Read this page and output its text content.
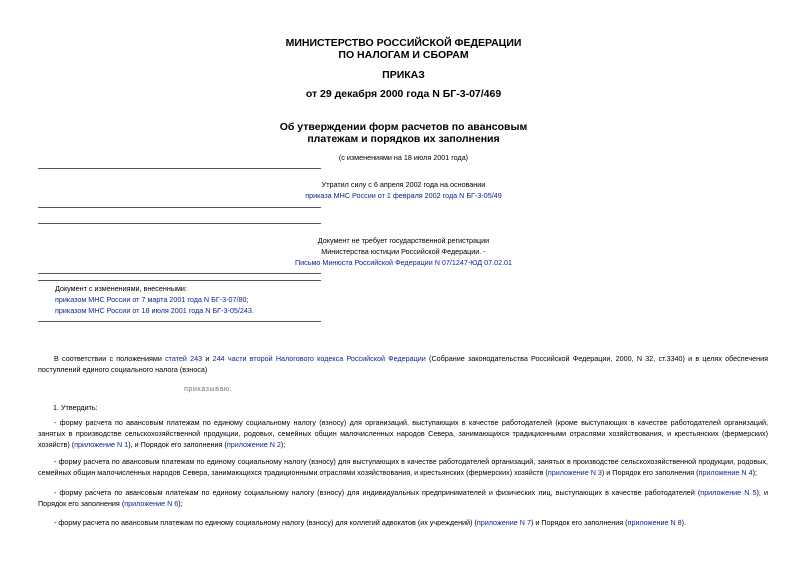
МИНИСТЕРСТВО РОССИЙСКОЙ ФЕДЕРАЦИИ
ПО НАЛОГАМ И СБОРАМ
ПРИКАЗ
от 29 декабря 2000 года N БГ-3-07/469
Об утверждении форм расчетов по авансовым
платежам и порядков их заполнения
(с изменениями на 18 июля 2001 года)
Утратил силу с 6 апреля 2002 года на основании
приказа МНС России от 1 февраля 2002 года N БГ-3-05/49
Документ не требует государственной регистрации
Министерства юстиции Российской Федерации. -
Письмо Минюста Российской Федерации N 07/1247-ЮД 07.02.01
Документ с изменениями, внесенными:
приказом МНС России от 7 марта 2001 года N БГ-3-07/80;
приказом МНС России от 18 июля 2001 года N БГ-3-05/243.
В соответствии с положениями статей 243 и 244 части второй Налогового кодекса Российской Федерации (Собрание законодательства Российской Федерации, 2000, N 32, ст.3340) и в целях обеспечения поступлений единого социального налога (взноса)
приказываю:
1. Утвердить:
- форму расчета по авансовым платежам по единому социальному налогу (взносу) для организаций, выступающих в качестве работодателей (кроме выступающих в качестве работодателей организаций, занятых в производстве сельскохозяйственной продукции, родовых, семейных общин малочисленных народов Севера, занимающихся традиционными отраслями хозяйствования, и крестьянских (фермерских) хозяйств) (приложение N 1), и Порядок его заполнения (приложение N 2);
- форму расчета по авансовым платежам по единому социальному налогу (взносу) для выступающих в качестве работодателей организаций, занятых в производстве сельскохозяйственной продукции, родовых, семейных общин малочисленных народов Севера, занимающихся традиционными отраслями хозяйствования, и крестьянских (фермерских) хозяйств (приложение N 3) и Порядок его заполнения (приложение N 4);
- форму расчета по авансовым платежам по единому социальному налогу (взносу) для индивидуальных предпринимателей и физических лиц, выступающих в качестве работодателей (приложение N 5), и Порядок его заполнения (приложение N 6);
- форму расчета по авансовым платежам по единому социальному налогу (взносу) для коллегий адвокатов (их учреждений) (приложение N 7) и Порядок его заполнения (приложение N 8).
